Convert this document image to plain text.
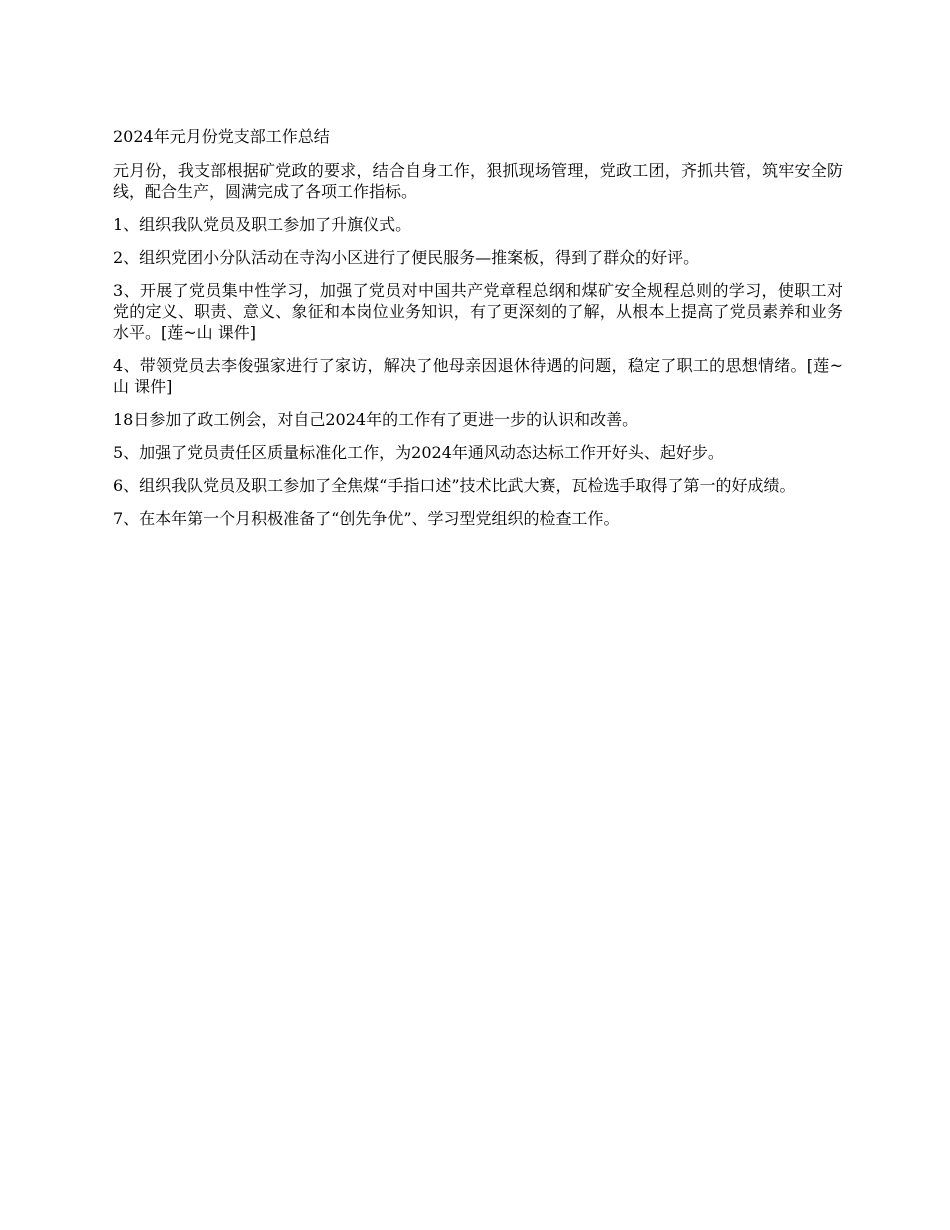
2024年元月份党支部工作总结

元月份，我支部根据矿党政的要求，结合自身工作，狠抓现场管理，党政工团，齐抓共管，筑牢安全防线，配合生产，圆满完成了各项工作指标。

1、组织我队党员及职工参加了升旗仪式。

2、组织党团小分队活动在寺沟小区进行了便民服务—推案板，得到了群众的好评。

3、开展了党员集中性学习，加强了党员对中国共产党章程总纲和煤矿安全规程总则的学习，使职工对党的定义、职责、意义、象征和本岗位业务知识，有了更深刻的了解，从根本上提高了党员素养和业务水平。[莲~山 课件]

4、带领党员去李俊强家进行了家访，解决了他母亲因退休待遇的问题，稳定了职工的思想情绪。[莲~山 课件]

18日参加了政工例会，对自己2024年的工作有了更进一步的认识和改善。

5、加强了党员责任区质量标准化工作，为2024年通风动态达标工作开好头、起好步。

6、组织我队党员及职工参加了全焦煤“手指口述”技术比武大赛，瓦检选手取得了第一的好成绩。

7、在本年第一个月积极准备了“创先争优”、学习型党组织的检查工作。
